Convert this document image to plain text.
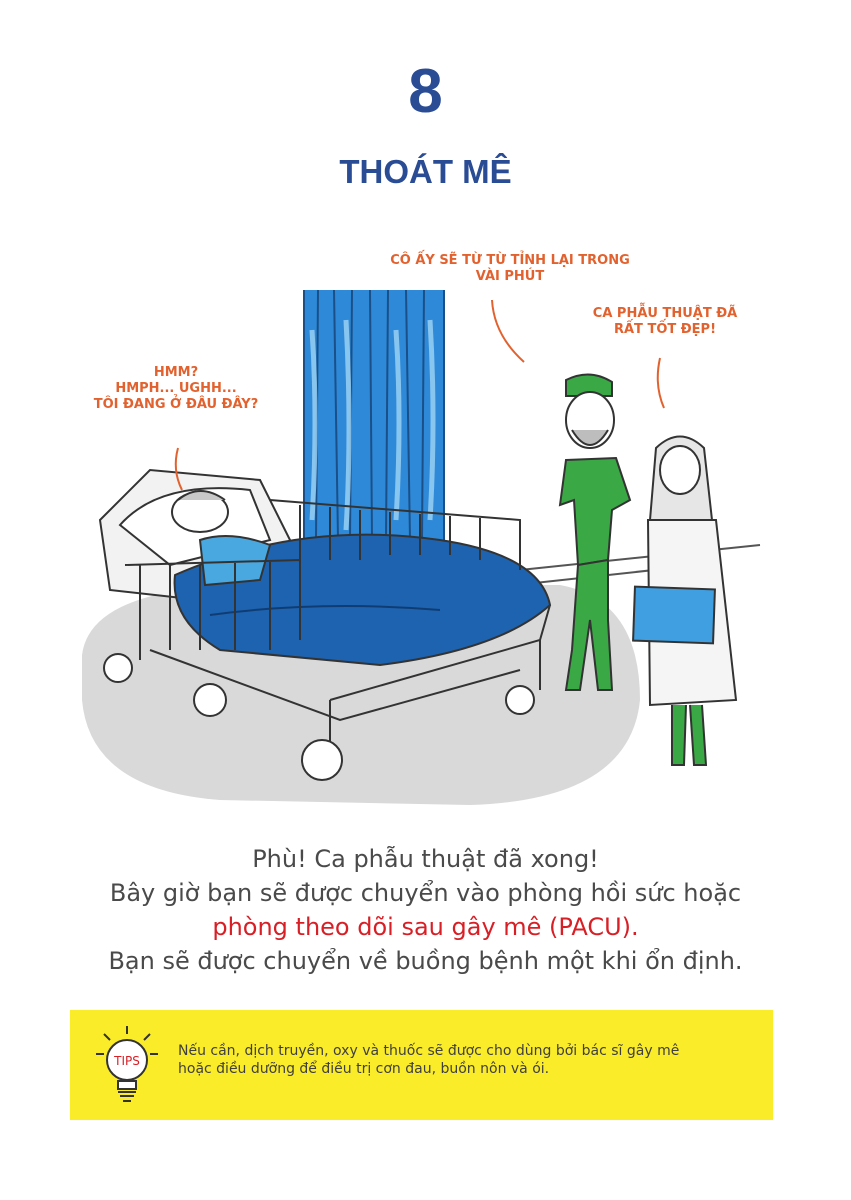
8
THOÁT MÊ
HMM?
HMPH... UGHH...
TÔI ĐANG Ở ĐÂU ĐÂY?
CÔ ẤY SẼ TỪ TỪ TỈNH LẠI TRONG
VÀI PHÚT
CA PHẪU THUẬT ĐÃ
RẤT TỐT ĐẸP!
Phù! Ca phẫu thuật đã xong!
Bây giờ bạn sẽ được chuyển vào phòng hồi sức hoặc
phòng theo dõi sau gây mê (PACU).
Bạn sẽ được chuyển về buồng bệnh một khi ổn định.
TIPS
Nếu cần, dịch truyền, oxy và thuốc sẽ được cho dùng bởi bác sĩ gây mê
hoặc điều dưỡng để điều trị cơn đau, buồn nôn và ói.
